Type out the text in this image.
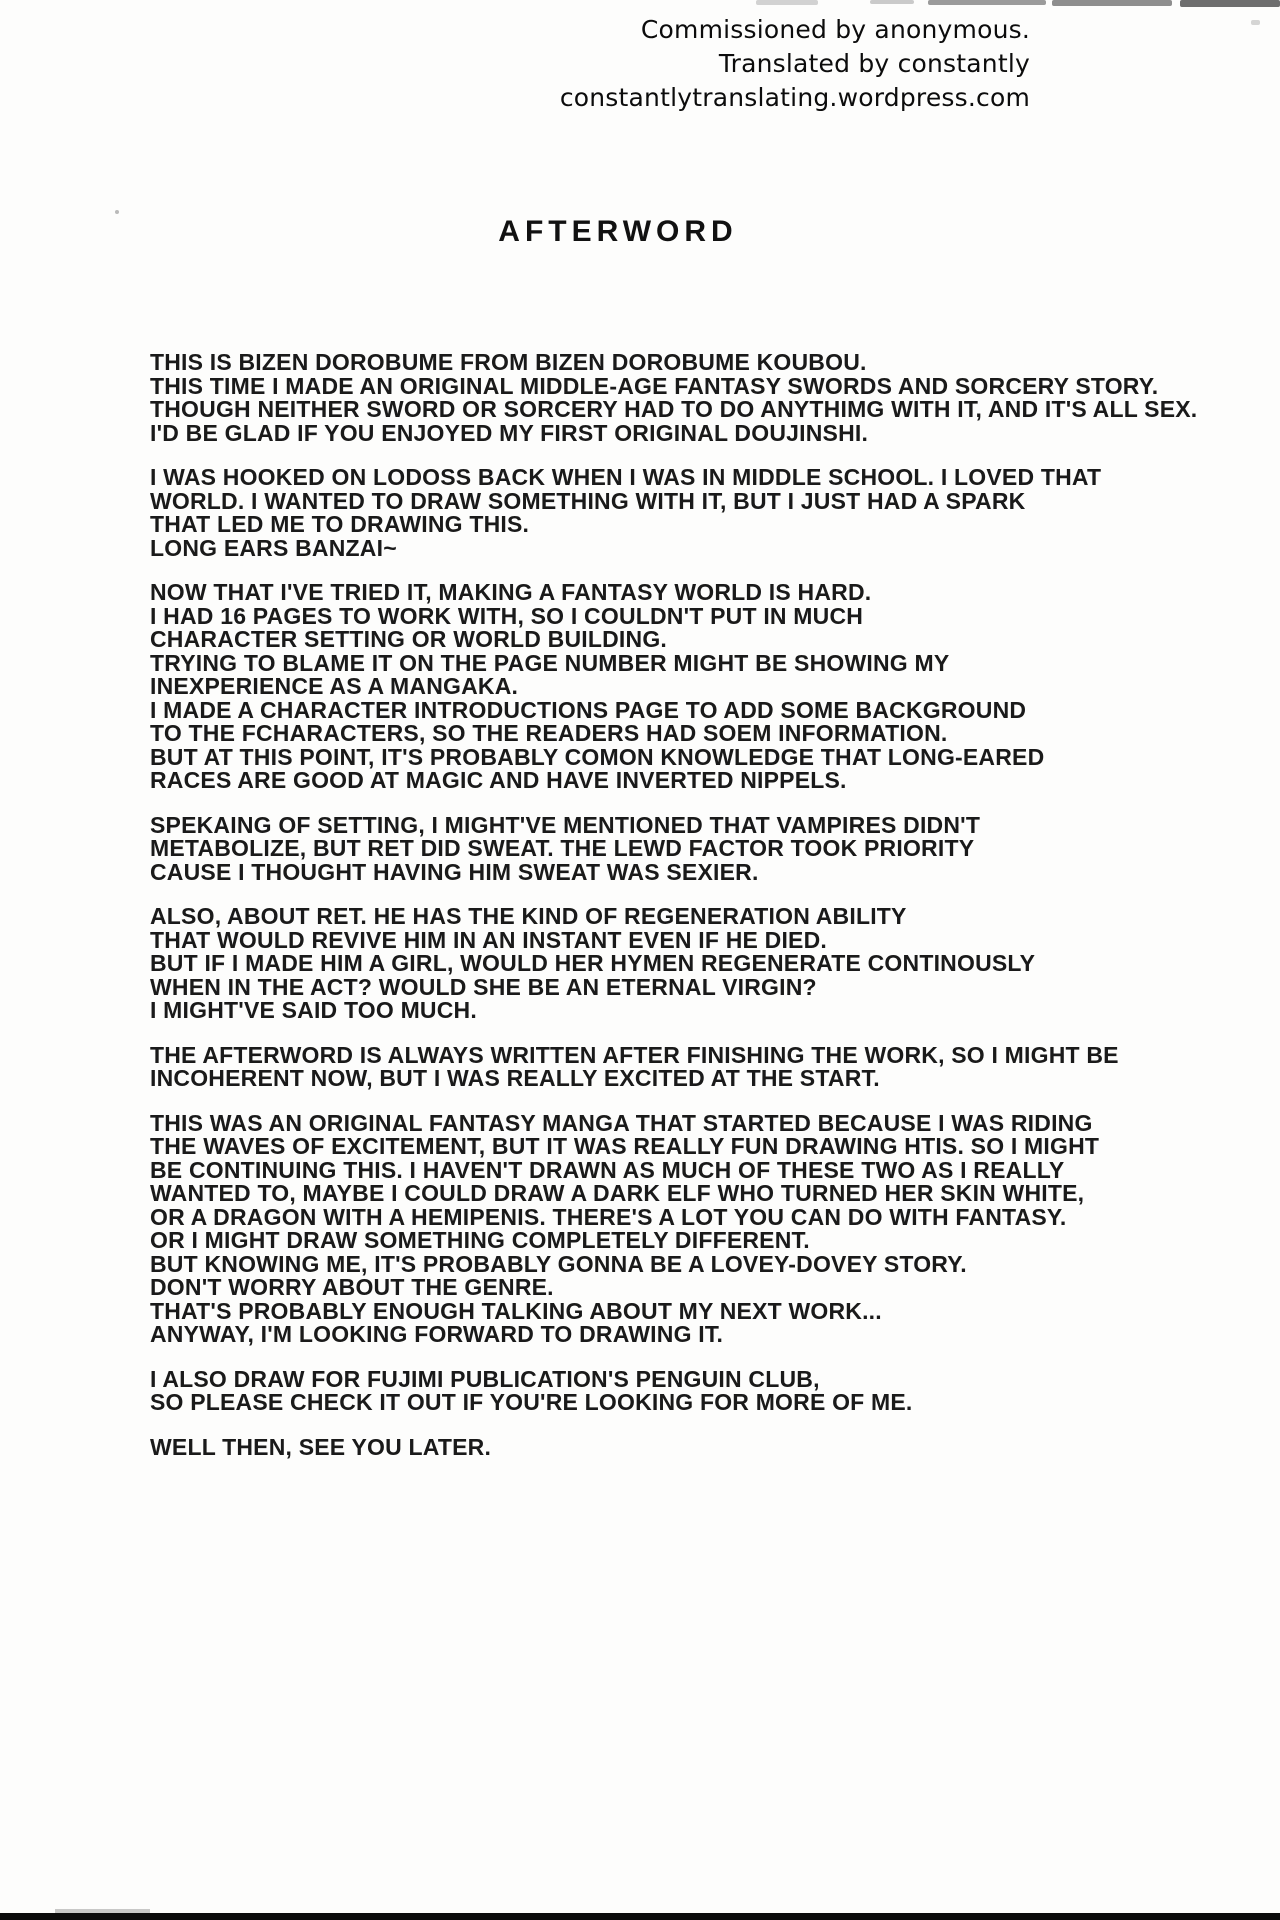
Commissioned by anonymous.
Translated by constantly
constantlytranslating.wordpress.com
AFTERWORD
THIS IS BIZEN DOROBUME FROM BIZEN DOROBUME KOUBOU.
THIS TIME I MADE AN ORIGINAL MIDDLE-AGE FANTASY SWORDS AND SORCERY STORY.
THOUGH NEITHER SWORD OR SORCERY HAD TO DO ANYTHIMG WITH IT, AND IT'S ALL SEX.
I'D BE GLAD IF YOU ENJOYED MY FIRST ORIGINAL DOUJINSHI.
I WAS HOOKED ON LODOSS BACK WHEN I WAS IN MIDDLE SCHOOL. I LOVED THAT
WORLD. I WANTED TO DRAW SOMETHING WITH IT, BUT I JUST HAD A SPARK
THAT LED ME TO DRAWING THIS.
LONG EARS BANZAI~
NOW THAT I'VE TRIED IT, MAKING A FANTASY WORLD IS HARD.
I HAD 16 PAGES TO WORK WITH, SO I COULDN'T PUT IN MUCH
CHARACTER SETTING OR WORLD BUILDING.
TRYING TO BLAME IT ON THE PAGE NUMBER MIGHT BE SHOWING MY
INEXPERIENCE AS A MANGAKA.
I MADE A CHARACTER INTRODUCTIONS PAGE TO ADD SOME BACKGROUND
TO THE FCHARACTERS, SO THE READERS HAD SOEM INFORMATION.
BUT AT THIS POINT, IT'S PROBABLY COMON KNOWLEDGE THAT LONG-EARED
RACES ARE GOOD AT MAGIC AND HAVE INVERTED NIPPELS.
SPEKAING OF SETTING, I MIGHT'VE MENTIONED THAT VAMPIRES DIDN'T
METABOLIZE, BUT RET DID SWEAT. THE LEWD FACTOR TOOK PRIORITY
CAUSE I THOUGHT HAVING HIM SWEAT WAS SEXIER.
ALSO, ABOUT RET. HE HAS THE KIND OF REGENERATION ABILITY
THAT WOULD REVIVE HIM IN AN INSTANT EVEN IF HE DIED.
BUT IF I MADE HIM A GIRL, WOULD HER HYMEN REGENERATE CONTINOUSLY
WHEN IN THE ACT? WOULD SHE BE AN ETERNAL VIRGIN?
I MIGHT'VE SAID TOO MUCH.
THE AFTERWORD IS ALWAYS WRITTEN AFTER FINISHING THE WORK, SO I MIGHT BE
INCOHERENT NOW, BUT I WAS REALLY EXCITED AT THE START.
THIS WAS AN ORIGINAL FANTASY MANGA THAT STARTED BECAUSE I WAS RIDING
THE WAVES OF EXCITEMENT, BUT IT WAS REALLY FUN DRAWING HTIS. SO I MIGHT
BE CONTINUING THIS. I HAVEN'T DRAWN AS MUCH OF THESE TWO AS I REALLY
WANTED TO, MAYBE I COULD DRAW A DARK ELF WHO TURNED HER SKIN WHITE,
OR A DRAGON WITH A HEMIPENIS. THERE'S A LOT YOU CAN DO WITH FANTASY.
OR I MIGHT DRAW SOMETHING COMPLETELY DIFFERENT.
BUT KNOWING ME, IT'S PROBABLY GONNA BE A LOVEY-DOVEY STORY.
DON'T WORRY ABOUT THE GENRE.
THAT'S PROBABLY ENOUGH TALKING ABOUT MY NEXT WORK...
ANYWAY, I'M LOOKING FORWARD TO DRAWING IT.
I ALSO DRAW FOR FUJIMI PUBLICATION'S PENGUIN CLUB,
SO PLEASE CHECK IT OUT IF YOU'RE LOOKING FOR MORE OF ME.
WELL THEN, SEE YOU LATER.
